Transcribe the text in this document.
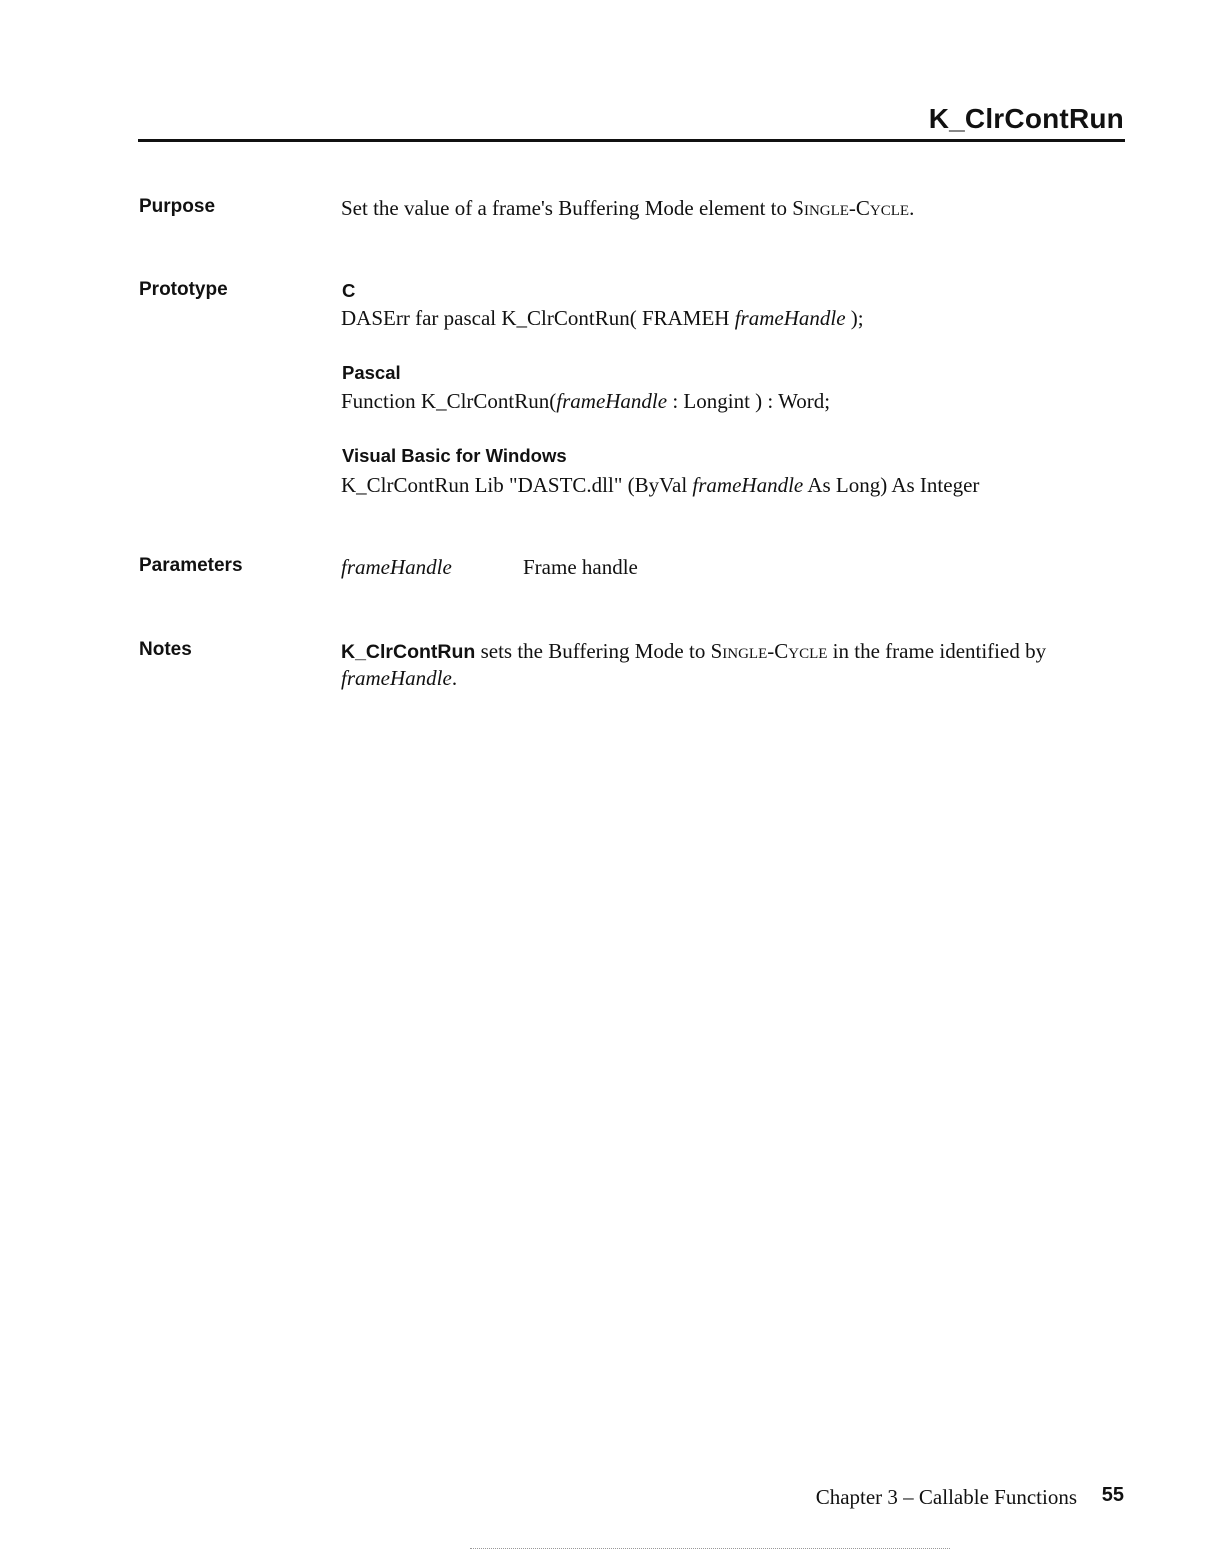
K_ClrContRun
Purpose	Set the value of a frame's Buffering Mode element to Single-Cycle.
Prototype	C
DASErr far pascal K_ClrContRun( FRAMEH frameHandle );
Pascal
Function K_ClrContRun(frameHandle : Longint ) : Word;
Visual Basic for Windows
K_ClrContRun Lib "DASTC.dll" (ByVal frameHandle As Long) As Integer
Parameters	frameHandle	Frame handle
Notes	K_ClrContRun sets the Buffering Mode to Single-Cycle in the frame identified by
frameHandle.
Chapter 3 – Callable Functions 55
